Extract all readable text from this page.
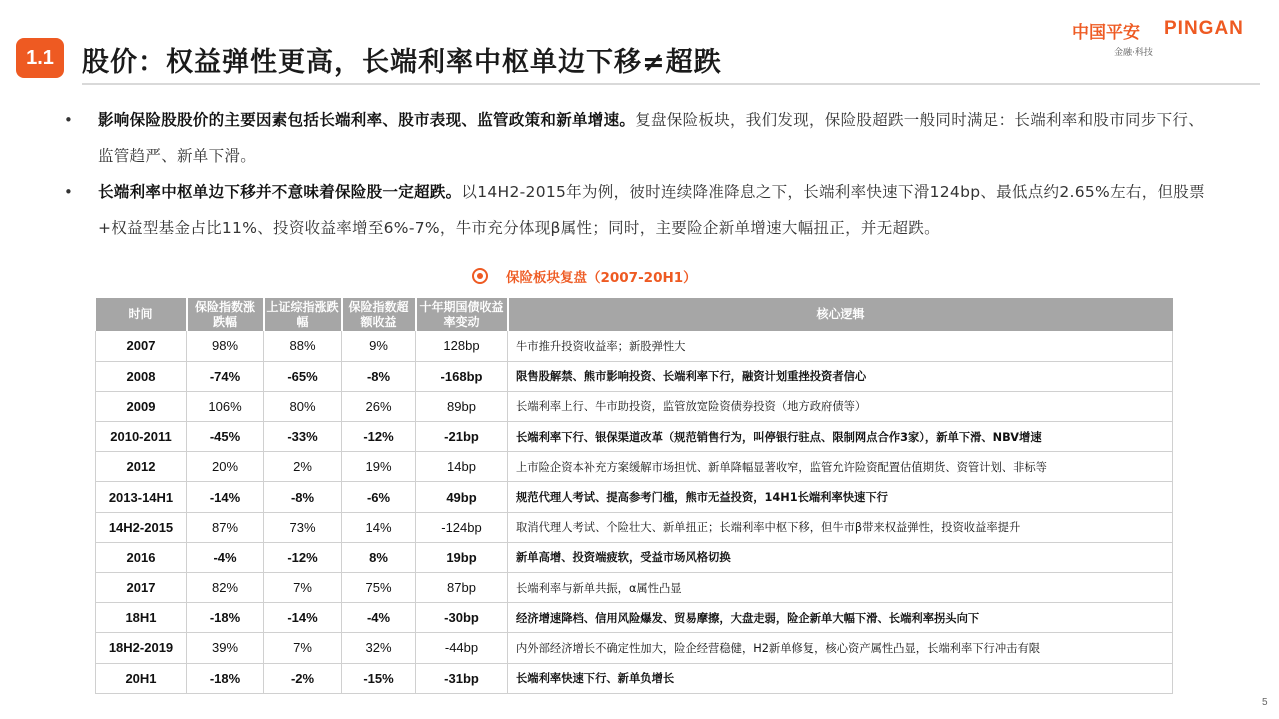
1.1	股价：权益弹性更高，长端利率中枢单边下移≠超跌
中国平安 PINGAN
金融·科技
• 影响保险股股价的主要因素包括长端利率、股市表现、监管政策和新单增速。复盘保险板块，我们发现，保险股超跌一般同时满足：长端利率和股市同步下行、监管趋严、新单下滑。
• 长端利率中枢单边下移并不意味着保险股一定超跌。以14H2-2015年为例，彼时连续降准降息之下，长端利率快速下滑124bp、最低点约2.65%左右，但股票+权益型基金占比11%、投资收益率增至6%-7%，牛市充分体现β属性；同时，主要险企新单增速大幅扭正，并无超跌。
保险板块复盘（2007-20H1）
时间	保险指数涨跌幅	上证综指涨跌幅	保险指数超额收益	十年期国债收益率变动	核心逻辑
2007	98%	88%	9%	128bp	牛市推升投资收益率；新股弹性大
2008	-74%	-65%	-8%	-168bp	限售股解禁、熊市影响投资、长端利率下行，融资计划重挫投资者信心
2009	106%	80%	26%	89bp	长端利率上行、牛市助投资，监管放宽险资债券投资（地方政府债等）
2010-2011	-45%	-33%	-12%	-21bp	长端利率下行、银保渠道改革（规范销售行为，叫停银行驻点、限制网点合作3家），新单下滑、NBV增速
2012	20%	2%	19%	14bp	上市险企资本补充方案缓解市场担忧、新单降幅显著收窄，监管允许险资配置估值期货、资管计划、非标等
2013-14H1	-14%	-8%	-6%	49bp	规范代理人考试、提高参考门槛，熊市无益投资，14H1长端利率快速下行
14H2-2015	87%	73%	14%	-124bp	取消代理人考试、个险壮大、新单扭正；长端利率中枢下移，但牛市β带来权益弹性，投资收益率提升
2016	-4%	-12%	8%	19bp	新单高增、投资端疲软，受益市场风格切换
2017	82%	7%	75%	87bp	长端利率与新单共振，α属性凸显
18H1	-18%	-14%	-4%	-30bp	经济增速降档、信用风险爆发、贸易摩擦，大盘走弱，险企新单大幅下滑、长端利率拐头向下
18H2-2019	39%	7%	32%	-44bp	内外部经济增长不确定性加大，险企经营稳健，H2新单修复，核心资产属性凸显，长端利率下行冲击有限
20H1	-18%	-2%	-15%	-31bp	长端利率快速下行、新单负增长
5
